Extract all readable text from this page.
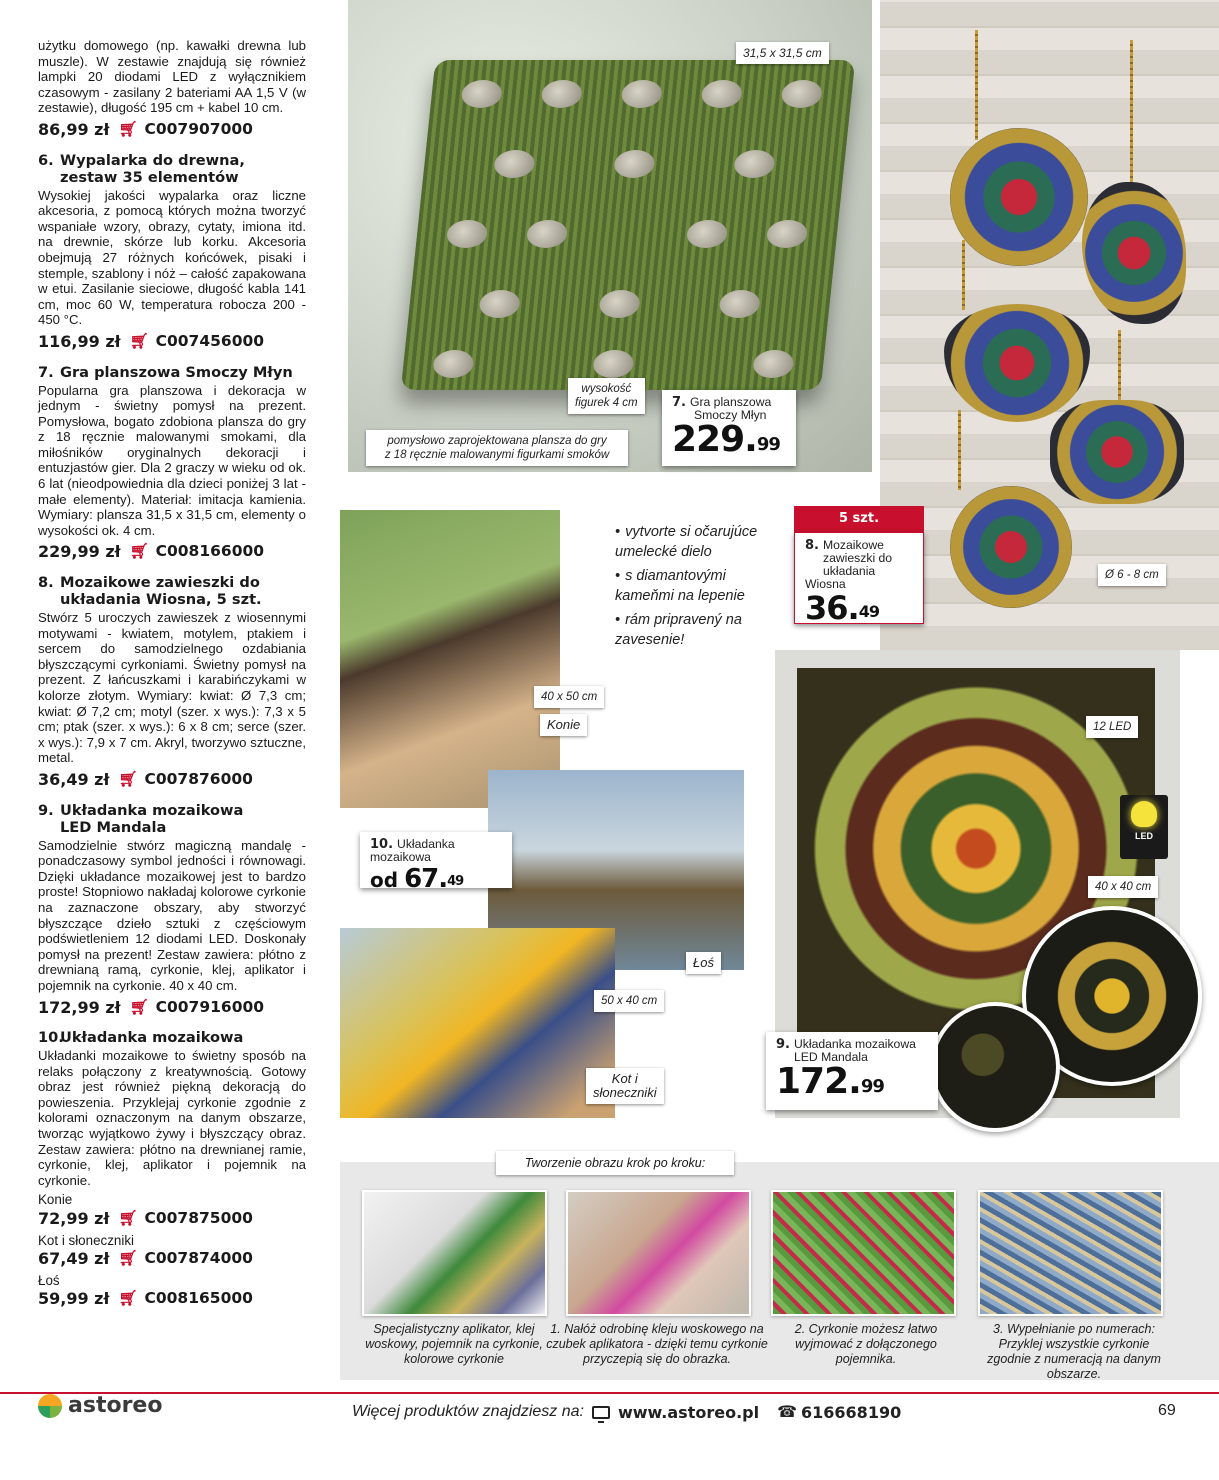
użytku domowego (np. kawałki drewna lub muszle). W zestawie znajdują się również lampki 20 diodami LED z wyłącznikiem czasowym - zasilany 2 bateriami AA 1,5 V (w zestawie), długość 195 cm + kabel 10 cm.

86,99 zł 🛒︎ C007907000
6. Wypalarka do drewna,
zestaw 35 elementów

Wysokiej jakości wypalarka oraz liczne akcesoria, z pomocą których można tworzyć wspaniałe wzory, obrazy, cytaty, imiona itd. na drewnie, skórze lub korku. Akcesoria obejmują 27 różnych końcówek, pisaki i stemple, szablony i nóż – całość zapakowana w etui. Zasilanie sieciowe, długość kabla 141 cm, moc 60 W, temperatura robocza 200 - 450 °C.

116,99 zł 🛒︎ C007456000
7. Gra planszowa Smoczy Młyn

Popularna gra planszowa i dekoracja w jednym - świetny pomysł na prezent. Pomysłowa, bogato zdobiona plansza do gry z 18 ręcznie malowanymi smokami, dla miłośników oryginalnych dekoracji i entuzjastów gier. Dla 2 graczy w wieku od ok. 6 lat (nieodpowiednia dla dzieci poniżej 3 lat - małe elementy). Materiał: imitacja kamienia. Wymiary: plansza 31,5 x 31,5 cm, elementy o wysokości ok. 4 cm.

229,99 zł 🛒︎ C008166000
8. Mozaikowe zawieszki do
układania Wiosna, 5 szt.

Stwórz 5 uroczych zawieszek z wiosennymi motywami - kwiatem, motylem, ptakiem i sercem do samodzielnego ozdabiania błyszczącymi cyrkoniami. Świetny pomysł na prezent. Z łańcuszkami i karabińczykami w kolorze złotym. Wymiary: kwiat: Ø 7,3 cm; kwiat: Ø 7,2 cm; motyl (szer. x wys.): 7,3 x 5 cm; ptak (szer. x wys.): 6 x 8 cm; serce (szer. x wys.): 7,9 x 7 cm. Akryl, tworzywo sztuczne, metal.

36,49 zł 🛒︎ C007876000
9. Układanka mozaikowa
LED Mandala

Samodzielnie stwórz magiczną mandalę - ponadczasowy symbol jedności i równowagi. Dzięki układance mozaikowej jest to bardzo proste! Stopniowo nakładaj kolorowe cyrkonie na zaznaczone obszary, aby stworzyć błyszczące dzieło sztuki z częściowym podświetleniem 12 diodami LED. Doskonały pomysł na prezent! Zestaw zawiera: płótno z drewnianą ramą, cyrkonie, klej, aplikator i pojemnik na cyrkonie. 40 x 40 cm.

172,99 zł 🛒︎ C007916000
10.Układanka mozaikowa

Układanki mozaikowe to świetny sposób na relaks połączony z kreatywnością. Gotowy obraz jest również piękną dekoracją do powieszenia. Przyklejaj cyrkonie zgodnie z kolorami oznaczonym na danym obszarze, tworząc wyjątkowo żywy i błyszczący obraz. Zestaw zawiera: płótno na drewnianej ramie, cyrkonie, klej, aplikator i pojemnik na cyrkonie.

Konie
72,99 zł 🛒︎ C007875000
Kot i słoneczniki
67,49 zł 🛒︎ C007874000
Łoś
59,99 zł 🛒︎ C008165000
31,5 x 31,5 cm
wysokość
figurek 4 cm
pomysłowo zaprojektowana plansza do gry
z 18 ręcznie malowanymi figurkami smoków
7. Gra planszowa
Smoczy Młyn
229.99
5 szt.
8. Mozaikowe
zawieszki do
układania Wiosna
36.49
Ø 6 - 8 cm
• vytvorte si očarujúce umelecké dielo
• s diamantovými kameňmi na lepenie
• rám pripravený na zavesenie!
40 x 50 cm
Konie
Łoś
50 x 40 cm
Kot i
słoneczniki
10. Układanka mozaikowa
od 67.49
12 LED
LED
40 x 40 cm
9. Układanka mozaikowa
LED Mandala
172.99
Tworzenie obrazu krok po kroku:
Specjalistyczny aplikator, klej woskowy, pojemnik na cyrkonie, kolorowe cyrkonie
1. Nałóż odrobinę kleju woskowego na czubek aplikatora - dzięki temu cyrkonie przyczepią się do obrazka.
2. Cyrkonie możesz łatwo wyjmować z dołączonego pojemnika.
3. Wypełnianie po numerach: Przyklej wszystkie cyrkonie zgodnie z numeracją na danym obszarze.
astoreo	Więcej produktów znajdziesz na: www.astoreo.pl ☎︎ 616668190	69
